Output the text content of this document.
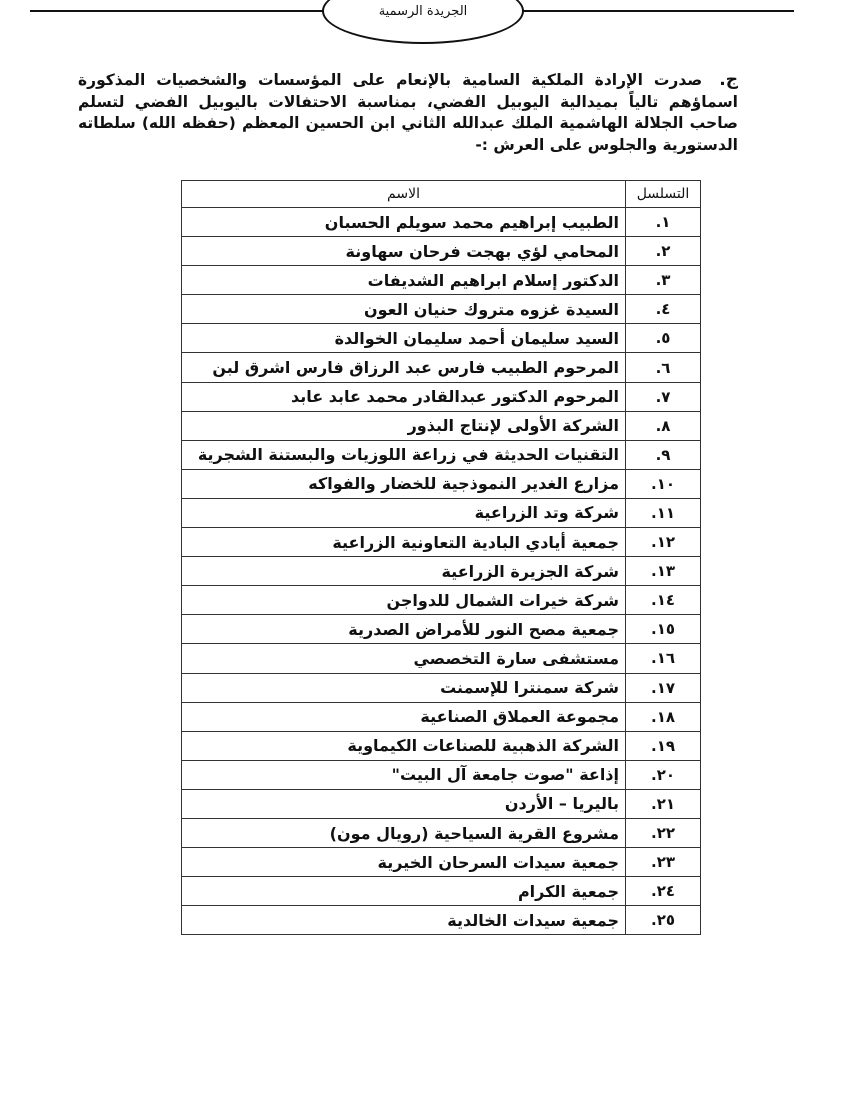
الجريدة الرسمية
ج. صدرت الإرادة الملكية السامية بالإنعام على المؤسسات والشخصيات المذكورة اسماؤهم تالياً بميدالية اليوبيل الفضي، بمناسبة الاحتفالات باليوبيل الفضي لتسلم صاحب الجلالة الهاشمية الملك عبدالله الثاني ابن الحسين المعظم (حفظه الله) سلطاته الدستورية والجلوس على العرش :-
التسلسل	الاسم
١.	الطبيب إبراهيم محمد سويلم الحسبان
٢.	المحامي لؤي بهجت فرحان سهاونة
٣.	الدكتور إسلام ابراهيم الشديفات
٤.	السيدة غزوه متروك حنيان العون
٥.	السيد سليمان أحمد سليمان الخوالدة
٦.	المرحوم الطبيب فارس عبد الرزاق فارس اشرق لبن
٧.	المرحوم الدكتور عبدالقادر محمد عابد عابد
٨.	الشركة الأولى لإنتاج البذور
٩.	التقنيات الحديثة في زراعة اللوزيات والبستنة الشجرية
١٠.	مزارع الغدير النموذجية للخضار والفواكه
١١.	شركة وتد الزراعية
١٢.	جمعية أيادي البادية التعاونية الزراعية
١٣.	شركة الجزيرة الزراعية
١٤.	شركة خيرات الشمال للدواجن
١٥.	جمعية مصح النور للأمراض الصدرية
١٦.	مستشفى سارة التخصصي
١٧.	شركة سمنترا للإسمنت
١٨.	مجموعة العملاق الصناعية
١٩.	الشركة الذهبية للصناعات الكيماوية
٢٠.	إذاعة "صوت جامعة آل البيت"
٢١.	باليريا – الأردن
٢٢.	مشروع القرية السياحية (رويال مون)
٢٣.	جمعية سيدات السرحان الخيرية
٢٤.	جمعية الكرام
٢٥.	جمعية سيدات الخالدية
